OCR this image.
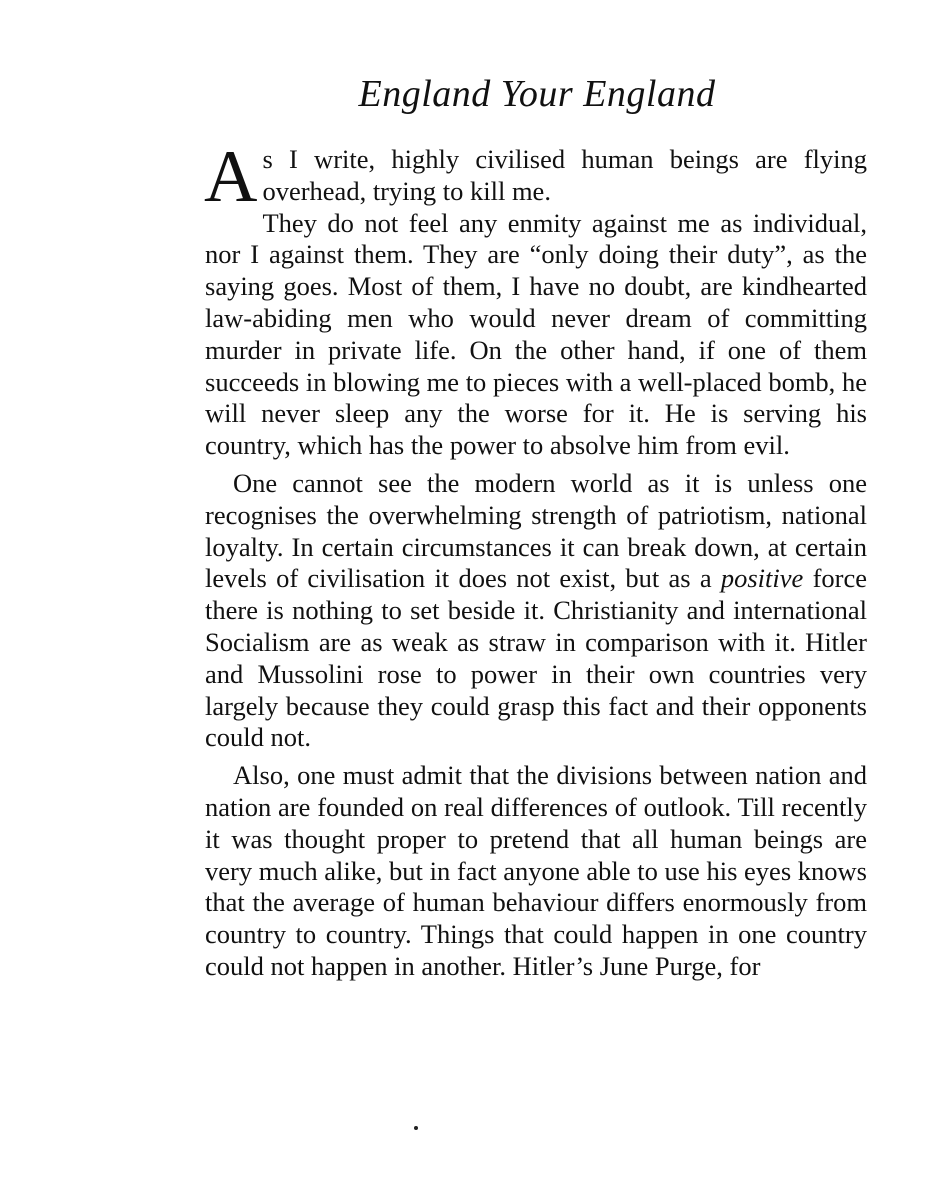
England Your England

As I write, highly civilised human beings are flying overhead, trying to kill me.

They do not feel any enmity against me as individual, nor I against them. They are “only doing their duty”, as the saying goes. Most of them, I have no doubt, are kindhearted law-abiding men who would never dream of committing murder in private life. On the other hand, if one of them succeeds in blowing me to pieces with a well-placed bomb, he will never sleep any the worse for it. He is serving his country, which has the power to absolve him from evil.

One cannot see the modern world as it is unless one recognises the overwhelming strength of patriotism, national loyalty. In certain circumstances it can break down, at certain levels of civilisation it does not exist, but as a positive force there is nothing to set beside it. Christianity and international Socialism are as weak as straw in comparison with it. Hitler and Mussolini rose to power in their own countries very largely because they could grasp this fact and their opponents could not.

Also, one must admit that the divisions between nation and nation are founded on real differences of outlook. Till recently it was thought proper to pretend that all human beings are very much alike, but in fact anyone able to use his eyes knows that the average of human behaviour differs enormously from country to country. Things that could happen in one country could not happen in another. Hitler’s June Purge, for
